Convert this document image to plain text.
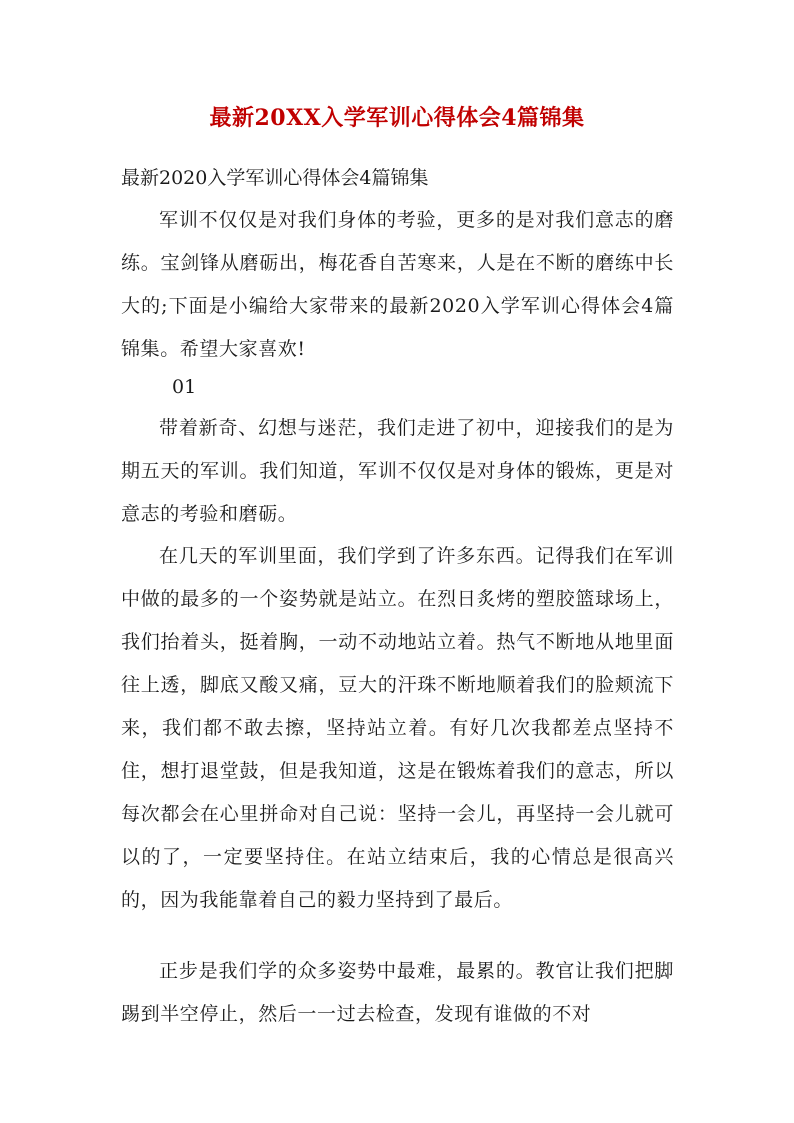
最新20XX入学军训心得体会4篇锦集

最新2020入学军训心得体会4篇锦集

军训不仅仅是对我们身体的考验，更多的是对我们意志的磨练。宝剑锋从磨砺出，梅花香自苦寒来，人是在不断的磨练中长大的;下面是小编给大家带来的最新2020入学军训心得体会4篇锦集。希望大家喜欢!

01

带着新奇、幻想与迷茫，我们走进了初中，迎接我们的是为期五天的军训。我们知道，军训不仅仅是对身体的锻炼，更是对意志的考验和磨砺。

在几天的军训里面，我们学到了许多东西。记得我们在军训中做的最多的一个姿势就是站立。在烈日炙烤的塑胶篮球场上，我们抬着头，挺着胸，一动不动地站立着。热气不断地从地里面往上透，脚底又酸又痛，豆大的汗珠不断地顺着我们的脸颊流下来，我们都不敢去擦，坚持站立着。有好几次我都差点坚持不住，想打退堂鼓，但是我知道，这是在锻炼着我们的意志，所以每次都会在心里拼命对自己说：坚持一会儿，再坚持一会儿就可以的了，一定要坚持住。在站立结束后，我的心情总是很高兴的，因为我能靠着自己的毅力坚持到了最后。

正步是我们学的众多姿势中最难，最累的。教官让我们把脚踢到半空停止，然后一一过去检查，发现有谁做的不对
